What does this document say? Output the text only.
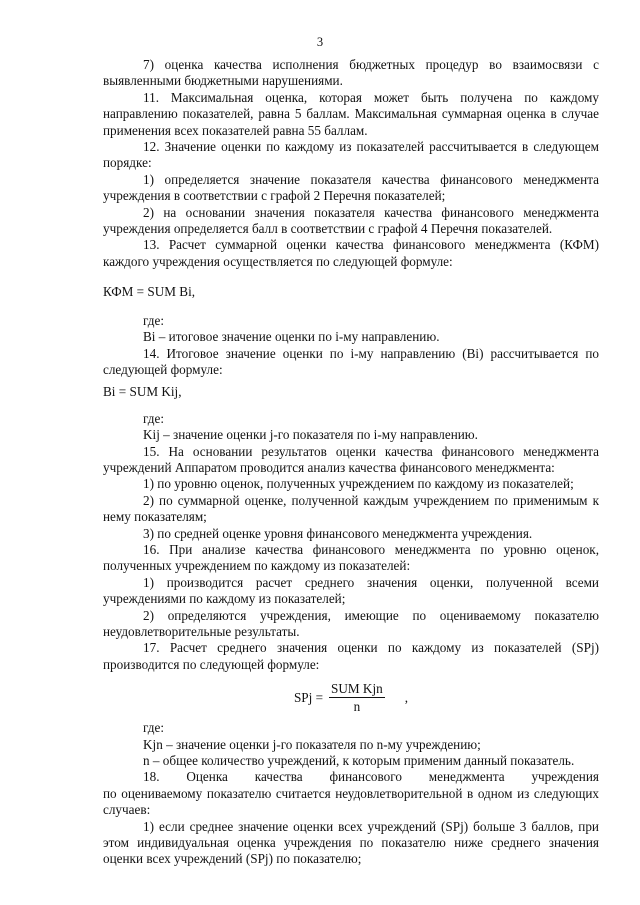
3

7) оценка качества исполнения бюджетных процедур во взаимосвязи с выявленными бюджетными нарушениями.

11. Максимальная оценка, которая может быть получена по каждому направлению показателей, равна 5 баллам. Максимальная суммарная оценка в случае применения всех показателей равна 55 баллам.

12. Значение оценки по каждому из показателей рассчитывается в следующем порядке:

1) определяется значение показателя качества финансового менеджмента учреждения в соответствии с графой 2 Перечня показателей;

2) на основании значения показателя качества финансового менеджмента учреждения определяется балл в соответствии с графой 4 Перечня показателей.

13. Расчет суммарной оценки качества финансового менеджмента (КФМ) каждого учреждения осуществляется по следующей формуле:

КФМ = SUM Bi,

где:

Bi – итоговое значение оценки по i-му направлению.

14. Итоговое значение оценки по i-му направлению (Bi) рассчитывается по следующей формуле:

Bi = SUM Kij,

где:

Kij – значение оценки j-го показателя по i-му направлению.

15. На основании результатов оценки качества финансового менеджмента учреждений Аппаратом проводится анализ качества финансового менеджмента:

1) по уровню оценок, полученных учреждением по каждому из показателей;

2) по суммарной оценке, полученной каждым учреждением по применимым к нему показателям;

3) по средней оценке уровня финансового менеджмента учреждения.

16. При анализе качества финансового менеджмента по уровню оценок, полученных учреждением по каждому из показателей:

1) производится расчет среднего значения оценки, полученной всеми учреждениями по каждому из показателей;

2) определяются учреждения, имеющие по оцениваемому показателю неудовлетворительные результаты.

17. Расчет среднего значения оценки по каждому из показателей (SPj) производится по следующей формуле:

SPj = $\frac{\text{SUM Kjn}}{n}$ ,

где:

Kjn – значение оценки j-го показателя по n-му учреждению;

n – общее количество учреждений, к которым применим данный показатель.

18. Оценка качества финансового менеджмента учреждения

по оцениваемому показателю считается неудовлетворительной в одном из следующих случаев:

1) если среднее значение оценки всех учреждений (SPj) больше 3 баллов, при этом индивидуальная оценка учреждения по показателю ниже среднего значения оценки всех учреждений (SPj) по показателю;
